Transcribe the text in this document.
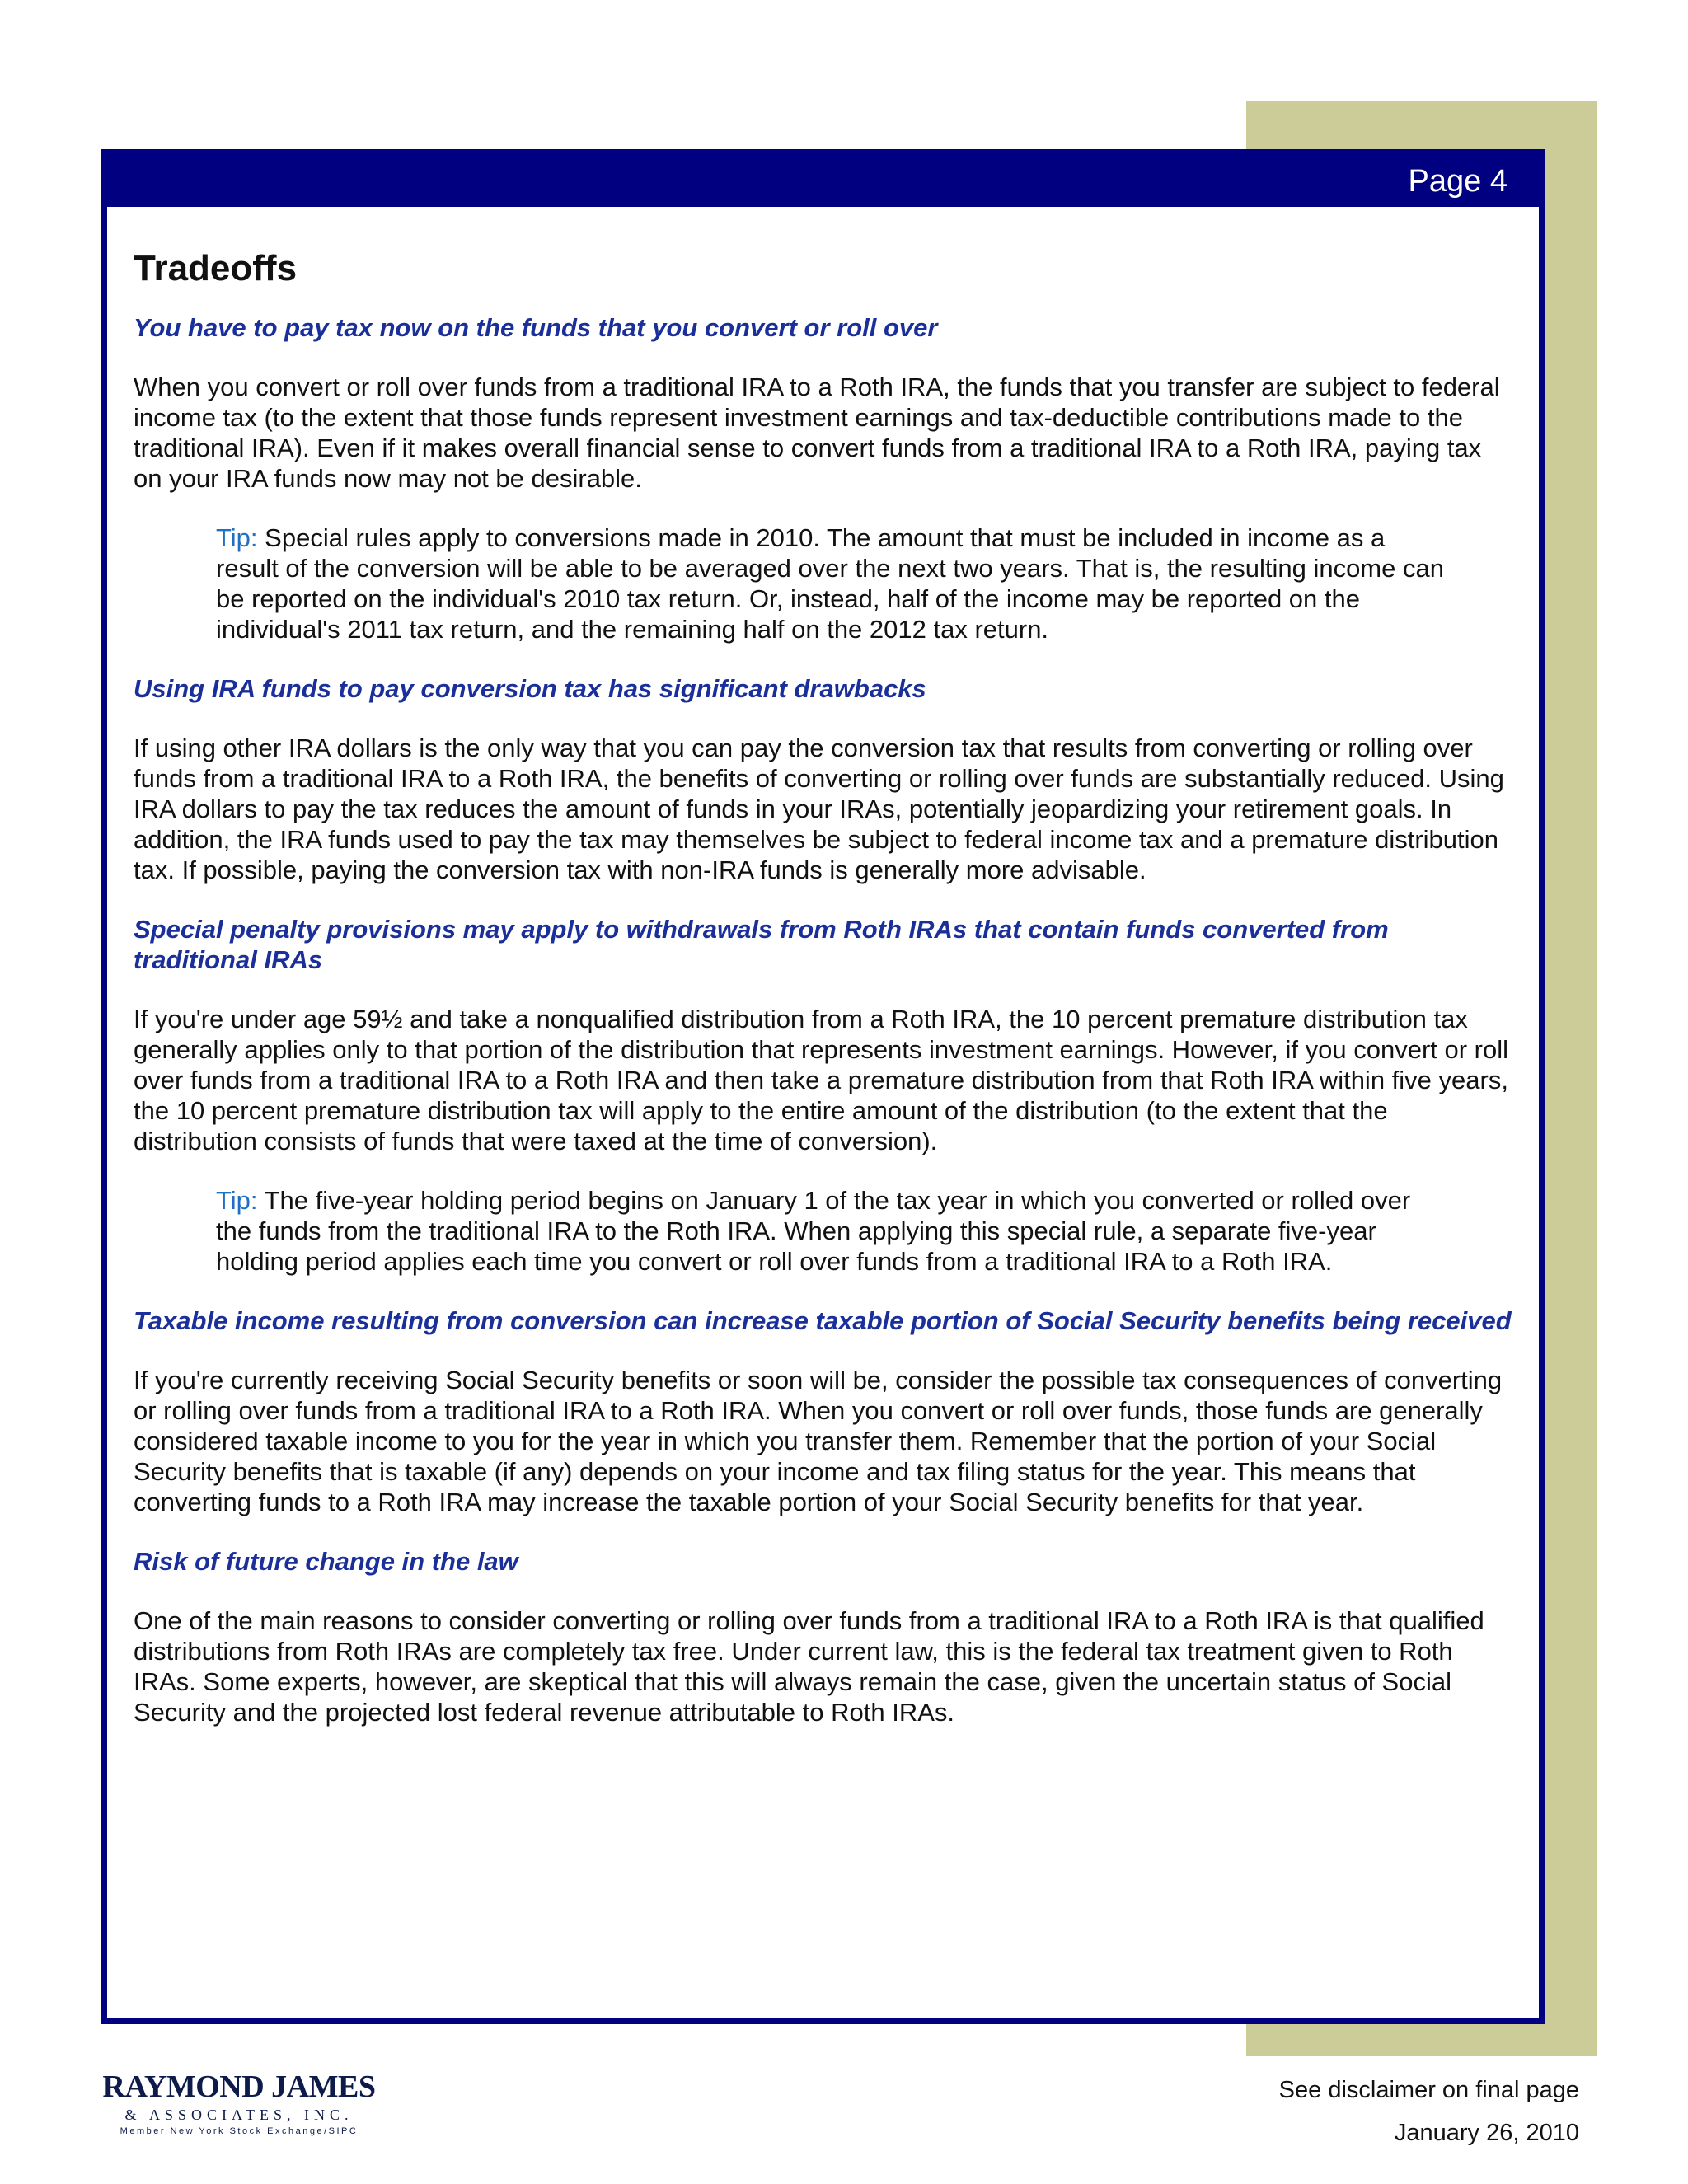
Page 4
Tradeoffs

You have to pay tax now on the funds that you convert or roll over

When you convert or roll over funds from a traditional IRA to a Roth IRA, the funds that you transfer are subject to federal income tax (to the extent that those funds represent investment earnings and tax-deductible contributions made to the traditional IRA). Even if it makes overall financial sense to convert funds from a traditional IRA to a Roth IRA, paying tax on your IRA funds now may not be desirable.

Tip: Special rules apply to conversions made in 2010. The amount that must be included in income as a result of the conversion will be able to be averaged over the next two years. That is, the resulting income can be reported on the individual's 2010 tax return. Or, instead, half of the income may be reported on the individual's 2011 tax return, and the remaining half on the 2012 tax return.

Using IRA funds to pay conversion tax has significant drawbacks

If using other IRA dollars is the only way that you can pay the conversion tax that results from converting or rolling over funds from a traditional IRA to a Roth IRA, the benefits of converting or rolling over funds are substantially reduced. Using IRA dollars to pay the tax reduces the amount of funds in your IRAs, potentially jeopardizing your retirement goals. In addition, the IRA funds used to pay the tax may themselves be subject to federal income tax and a premature distribution tax. If possible, paying the conversion tax with non-IRA funds is generally more advisable.

Special penalty provisions may apply to withdrawals from Roth IRAs that contain funds converted from traditional IRAs

If you're under age 59½ and take a nonqualified distribution from a Roth IRA, the 10 percent premature distribution tax generally applies only to that portion of the distribution that represents investment earnings. However, if you convert or roll over funds from a traditional IRA to a Roth IRA and then take a premature distribution from that Roth IRA within five years, the 10 percent premature distribution tax will apply to the entire amount of the distribution (to the extent that the distribution consists of funds that were taxed at the time of conversion).

Tip: The five-year holding period begins on January 1 of the tax year in which you converted or rolled over the funds from the traditional IRA to the Roth IRA. When applying this special rule, a separate five-year holding period applies each time you convert or roll over funds from a traditional IRA to a Roth IRA.

Taxable income resulting from conversion can increase taxable portion of Social Security benefits being received

If you're currently receiving Social Security benefits or soon will be, consider the possible tax consequences of converting or rolling over funds from a traditional IRA to a Roth IRA. When you convert or roll over funds, those funds are generally considered taxable income to you for the year in which you transfer them. Remember that the portion of your Social Security benefits that is taxable (if any) depends on your income and tax filing status for the year. This means that converting funds to a Roth IRA may increase the taxable portion of your Social Security benefits for that year.

Risk of future change in the law

One of the main reasons to consider converting or rolling over funds from a traditional IRA to a Roth IRA is that qualified distributions from Roth IRAs are completely tax free. Under current law, this is the federal tax treatment given to Roth IRAs. Some experts, however, are skeptical that this will always remain the case, given the uncertain status of Social Security and the projected lost federal revenue attributable to Roth IRAs.

RAYMOND JAMES
& ASSOCIATES, INC.
Member New York Stock Exchange/SIPC
See disclaimer on final page
January 26, 2010
